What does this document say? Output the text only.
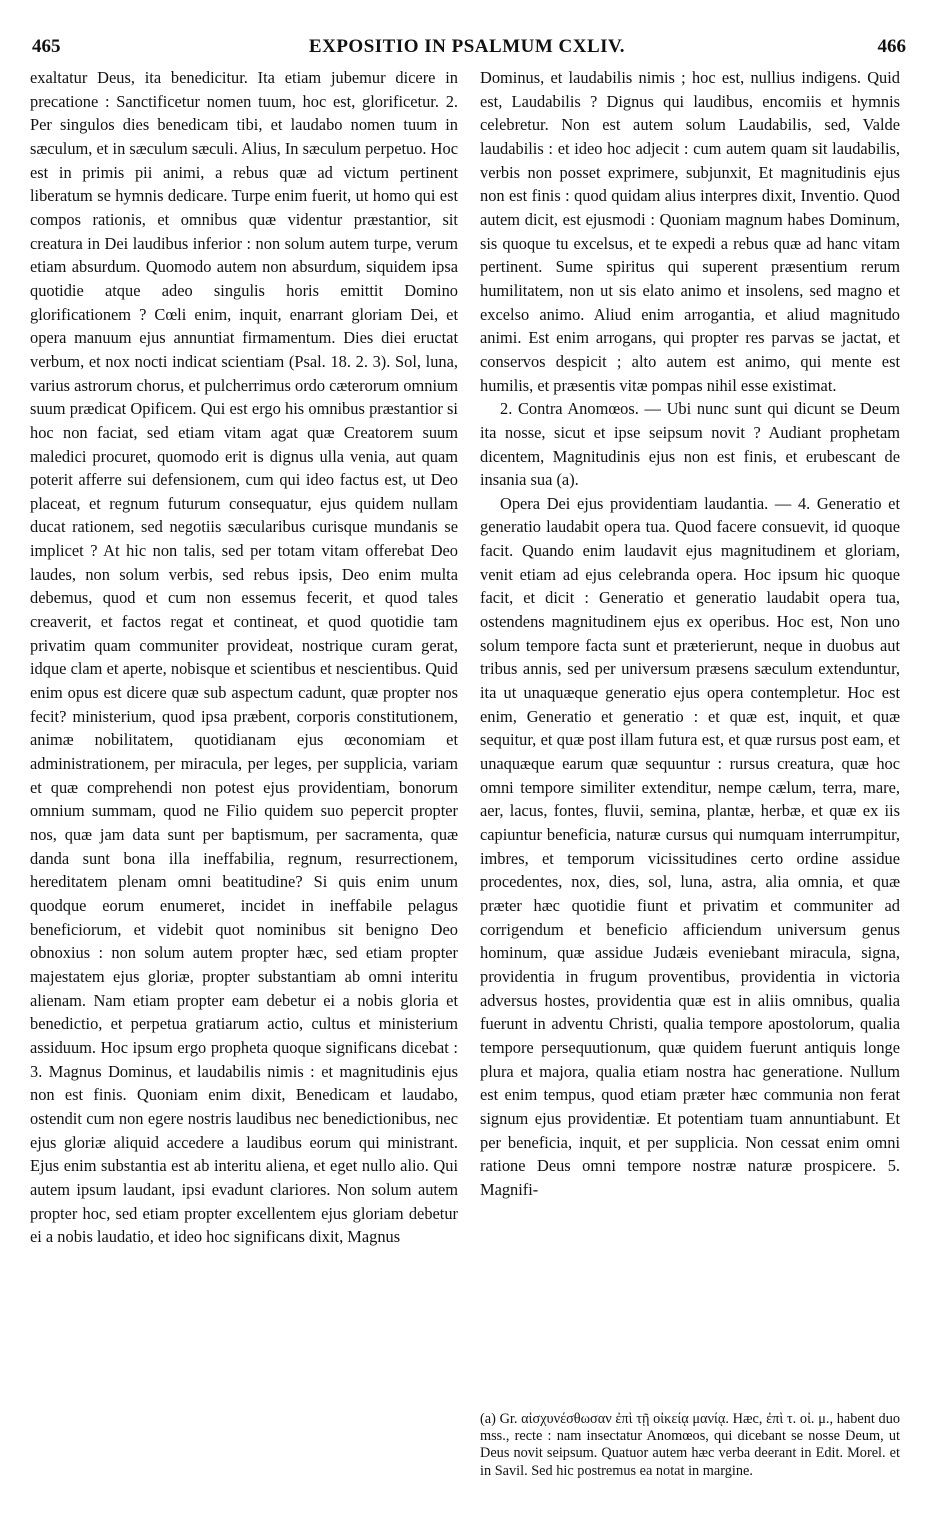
465	EXPOSITIO IN PSALMUM CXLIV.	466

exaltatur Deus, ita benedicitur. Ita etiam jubemur dicere in precatione : Sanctificetur nomen tuum, hoc est, glorificetur. 2. Per singulos dies benedicam tibi, et laudabo nomen tuum in sæculum, et in sæculum sæculi. Alius, In sæculum perpetuo. Hoc est in primis pii animi, a rebus quæ ad victum pertinent liberatum se hymnis dedicare. Turpe enim fuerit, ut homo qui est compos rationis, et omnibus quæ videntur præstantior, sit creatura in Dei laudibus inferior : non solum autem turpe, verum etiam absurdum. Quomodo autem non absurdum, siquidem ipsa quotidie atque adeo singulis horis emittit Domino glorificationem ? Cœli enim, inquit, enarrant gloriam Dei, et opera manuum ejus annuntiat firmamentum. Dies diei eructat verbum, et nox nocti indicat scientiam (Psal. 18. 2. 3). Sol, luna, varius astrorum chorus, et pulcherrimus ordo cæterorum omnium suum prædicat Opificem. Qui est ergo his omnibus præstantior si hoc non faciat, sed etiam vitam agat quæ Creatorem suum maledici procuret, quomodo erit is dignus ulla venia, aut quam poterit afferre sui defensionem, cum qui ideo factus est, ut Deo placeat, et regnum futurum consequatur, ejus quidem nullam ducat rationem, sed negotiis sæcularibus curisque mundanis se implicet ? At hic non talis, sed per totam vitam offerebat Deo laudes, non solum verbis, sed rebus ipsis, Deo enim multa debemus, quod et cum non essemus fecerit, et quod tales creaverit, et factos regat et contineat, et quod quotidie tam privatim quam communiter provideat, nostrique curam gerat, idque clam et aperte, nobisque et scientibus et nescientibus. Quid enim opus est dicere quæ sub aspectum cadunt, quæ propter nos fecit? ministerium, quod ipsa præbent, corporis constitutionem, animæ nobilitatem, quotidianam ejus œconomiam et administrationem, per miracula, per leges, per supplicia, variam et quæ comprehendi non potest ejus providentiam, bonorum omnium summam, quod ne Filio quidem suo pepercit propter nos, quæ jam data sunt per baptismum, per sacramenta, quæ danda sunt bona illa ineffabilia, regnum, resurrectionem, hereditatem plenam omni beatitudine? Si quis enim unum quodque eorum enumeret, incidet in ineffabile pelagus beneficiorum, et videbit quot nominibus sit benigno Deo obnoxius : non solum autem propter hæc, sed etiam propter majestatem ejus gloriæ, propter substantiam ab omni interitu alienam. Nam etiam propter eam debetur ei a nobis gloria et benedictio, et perpetua gratiarum actio, cultus et ministerium assiduum. Hoc ipsum ergo propheta quoque significans dicebat : 3. Magnus Dominus, et laudabilis nimis : et magnitudinis ejus non est finis. Quoniam enim dixit, Benedicam et laudabo, ostendit cum non egere nostris laudibus nec benedictionibus, nec ejus gloriæ aliquid accedere a laudibus eorum qui ministrant. Ejus enim substantia est ab interitu aliena, et eget nullo alio. Qui autem ipsum laudant, ipsi evadunt clariores. Non solum autem propter hoc, sed etiam propter excellentem ejus gloriam debetur ei a nobis laudatio, et ideo hoc significans dixit, Magnus

Dominus, et laudabilis nimis ; hoc est, nullius indigens. Quid est, Laudabilis ? Dignus qui laudibus, encomiis et hymnis celebretur. Non est autem solum Laudabilis, sed, Valde laudabilis : et ideo hoc adjecit : cum autem quam sit laudabilis, verbis non posset exprimere, subjunxit, Et magnitudinis ejus non est finis : quod quidam alius interpres dixit, Inventio. Quod autem dicit, est ejusmodi : Quoniam magnum habes Dominum, sis quoque tu excelsus, et te expedi a rebus quæ ad hanc vitam pertinent. Sume spiritus qui superent præsentium rerum humilitatem, non ut sis elato animo et insolens, sed magno et excelso animo. Aliud enim arrogantia, et aliud magnitudo animi. Est enim arrogans, qui propter res parvas se jactat, et conservos despicit ; alto autem est animo, qui mente est humilis, et præsentis vitæ pompas nihil esse existimat.

2. Contra Anomœos. — Ubi nunc sunt qui dicunt se Deum ita nosse, sicut et ipse seipsum novit ? Audiant prophetam dicentem, Magnitudinis ejus non est finis, et erubescant de insania sua (a).

Opera Dei ejus providentiam laudantia. — 4. Generatio et generatio laudabit opera tua. Quod facere consuevit, id quoque facit. Quando enim laudavit ejus magnitudinem et gloriam, venit etiam ad ejus celebranda opera. Hoc ipsum hic quoque facit, et dicit : Generatio et generatio laudabit opera tua, ostendens magnitudinem ejus ex operibus. Hoc est, Non uno solum tempore facta sunt et præterierunt, neque in duobus aut tribus annis, sed per universum præsens sæculum extenduntur, ita ut unaquæque generatio ejus opera contempletur. Hoc est enim, Generatio et generatio : et quæ est, inquit, et quæ sequitur, et quæ post illam futura est, et quæ rursus post eam, et unaquæque earum quæ sequuntur : rursus creatura, quæ hoc omni tempore similiter extenditur, nempe cælum, terra, mare, aer, lacus, fontes, fluvii, semina, plantæ, herbæ, et quæ ex iis capiuntur beneficia, naturæ cursus qui numquam interrumpitur, imbres, et temporum vicissitudines certo ordine assidue procedentes, nox, dies, sol, luna, astra, alia omnia, et quæ præter hæc quotidie fiunt et privatim et communiter ad corrigendum et beneficio afficiendum universum genus hominum, quæ assidue Judæis eveniebant miracula, signa, providentia in frugum proventibus, providentia in victoria adversus hostes, providentia quæ est in aliis omnibus, qualia fuerunt in adventu Christi, qualia tempore apostolorum, qualia tempore persequutionum, quæ quidem fuerunt antiquis longe plura et majora, qualia etiam nostra hac generatione. Nullum est enim tempus, quod etiam præter hæc communia non ferat signum ejus providentiæ. Et potentiam tuam annuntiabunt. Et per beneficia, inquit, et per supplicia. Non cessat enim omni ratione Deus omni tempore nostræ naturæ prospicere. 5. Magnifi-

(a) Gr. αἰσχυνέσθωσαν ἐπὶ τῇ οἰκείᾳ μανίᾳ. Hæc, ἐπὶ τ. οἰ. μ., habent duo mss., recte : nam insectatur Anomœos, qui dicebant se nosse Deum, ut Deus novit seipsum. Quatuor autem hæc verba deerant in Edit. Morel. et in Savil. Sed hic postremus ea notat in margine.
